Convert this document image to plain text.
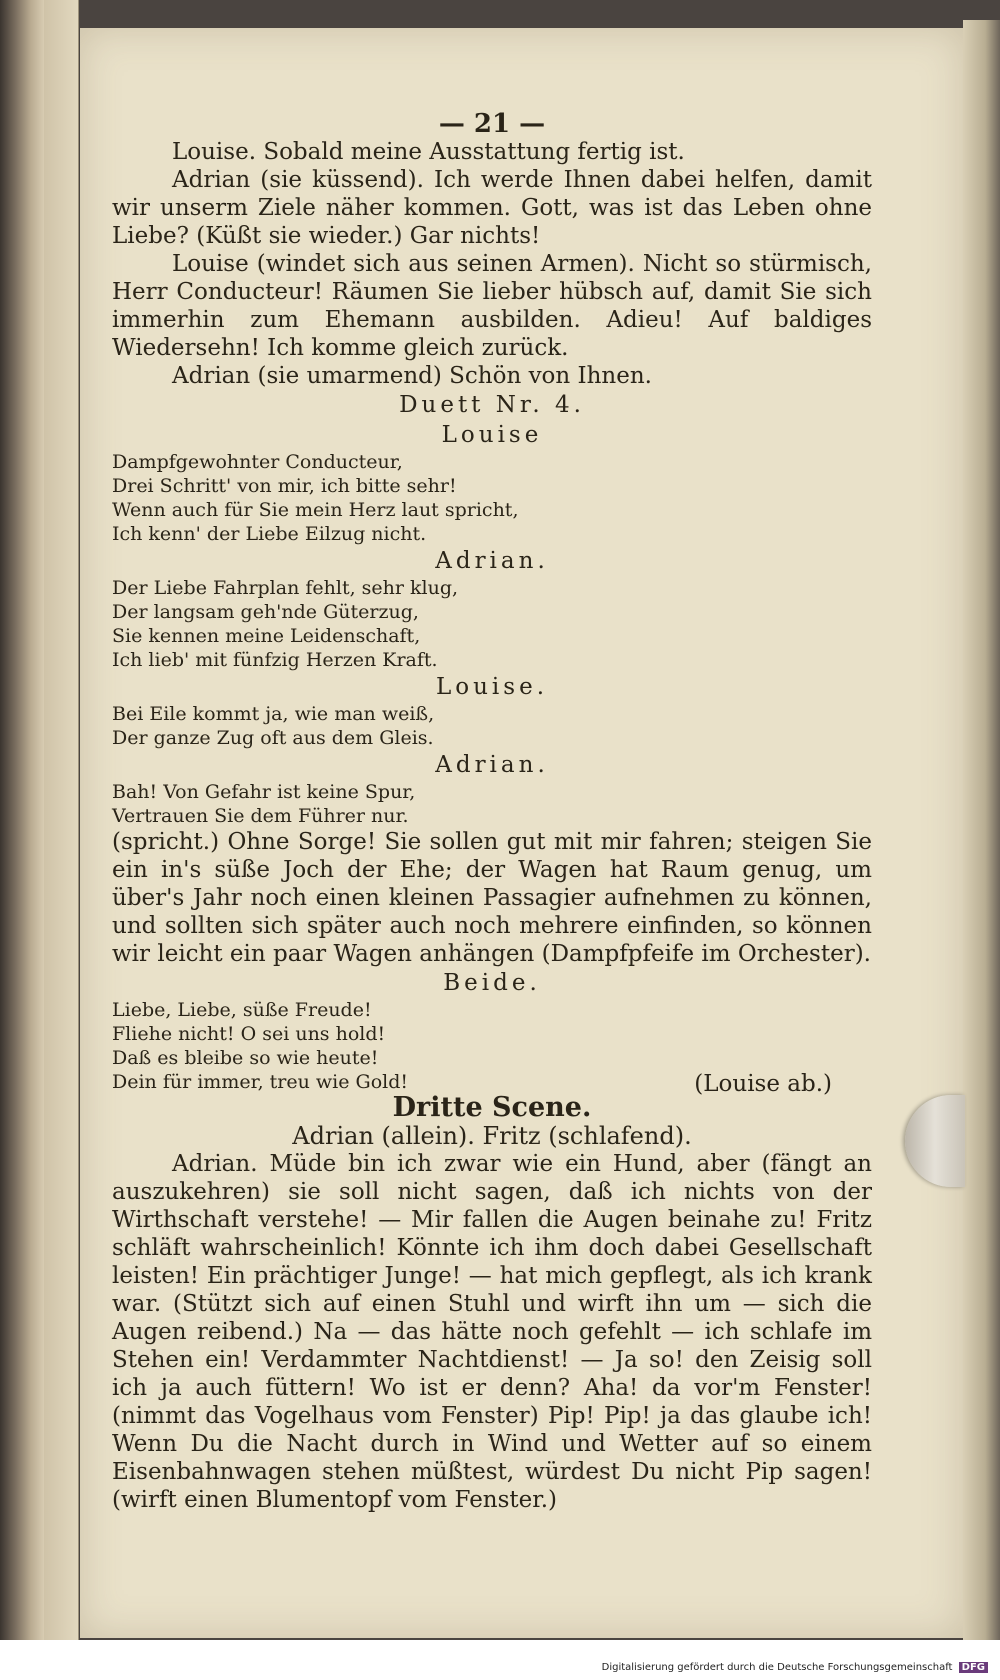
— 21 —

Louise. Sobald meine Ausstattung fertig ist.

Adrian (sie küssend). Ich werde Ihnen dabei helfen, damit wir unserm Ziele näher kommen. Gott, was ist das Leben ohne Liebe? (Küßt sie wieder.) Gar nichts!

Louise (windet sich aus seinen Armen). Nicht so stürmisch, Herr Conducteur! Räumen Sie lieber hübsch auf, damit Sie sich immerhin zum Ehemann ausbilden. Adieu! Auf baldiges Wiedersehn! Ich komme gleich zurück.

Adrian (sie umarmend) Schön von Ihnen.

Duett Nr. 4.

Louise

Dampfgewohnter Conducteur,

Drei Schritt' von mir, ich bitte sehr!

Wenn auch für Sie mein Herz laut spricht,

Ich kenn' der Liebe Eilzug nicht.

Adrian.

Der Liebe Fahrplan fehlt, sehr klug,

Der langsam geh'nde Güterzug,

Sie kennen meine Leidenschaft,

Ich lieb' mit fünfzig Herzen Kraft.

Louise.

Bei Eile kommt ja, wie man weiß,

Der ganze Zug oft aus dem Gleis.

Adrian.

Bah! Von Gefahr ist keine Spur,

Vertrauen Sie dem Führer nur.

(spricht.) Ohne Sorge! Sie sollen gut mit mir fahren; steigen Sie ein in's süße Joch der Ehe; der Wagen hat Raum genug, um über's Jahr noch einen kleinen Passagier aufnehmen zu können, und sollten sich später auch noch mehrere einfinden, so können wir leicht ein paar Wagen anhängen (Dampfpfeife im Orchester).

Beide.

Liebe, Liebe, süße Freude!

Fliehe nicht! O sei uns hold!

Daß es bleibe so wie heute!

Dein für immer, treu wie Gold!	(Louise ab.)

Dritte Scene.

Adrian (allein). Fritz (schlafend).

Adrian. Müde bin ich zwar wie ein Hund, aber (fängt an auszukehren) sie soll nicht sagen, daß ich nichts von der Wirthschaft verstehe! — Mir fallen die Augen beinahe zu! Fritz schläft wahrscheinlich! Könnte ich ihm doch dabei Gesellschaft leisten! Ein prächtiger Junge! — hat mich gepflegt, als ich krank war. (Stützt sich auf einen Stuhl und wirft ihn um — sich die Augen reibend.) Na — das hätte noch gefehlt — ich schlafe im Stehen ein! Verdammter Nachtdienst! — Ja so! den Zeisig soll ich ja auch füttern! Wo ist er denn? Aha! da vor'm Fenster! (nimmt das Vogelhaus vom Fenster) Pip! Pip! ja das glaube ich! Wenn Du die Nacht durch in Wind und Wetter auf so einem Eisenbahnwagen stehen müßtest, würdest Du nicht Pip sagen! (wirft einen Blumentopf vom Fenster.)

Digitalisierung gefördert durch die Deutsche Forschungsgemeinschaft DFG
